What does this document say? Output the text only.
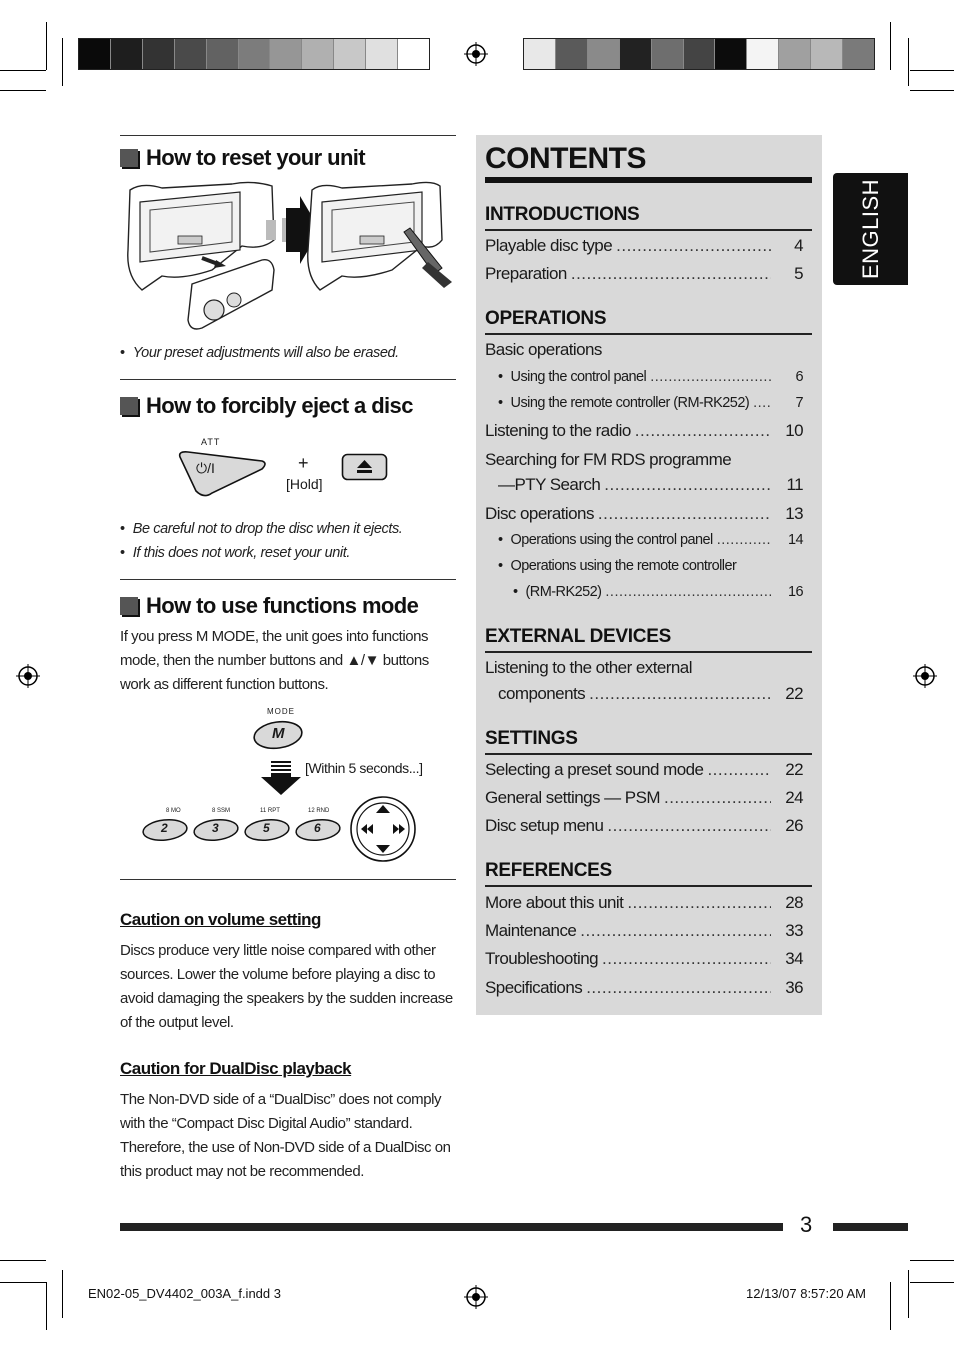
How to reset your unit
• Your preset adjustments will also be erased.
How to forcibly eject a disc
ATT
⏻/I	+
[Hold]
• Be careful not to drop the disc when it ejects.
• If this does not work, reset your unit.
How to use functions mode
If you press M MODE, the unit goes into functions mode, then the number buttons and ▲/▼ buttons work as different function buttons.
MODE
M
[Within 5 seconds...]
8 MO	8 SSM	11 RPT	12 RND
2	3	5	6
Caution on volume setting
Discs produce very little noise compared with other sources. Lower the volume before playing a disc to avoid damaging the speakers by the sudden increase of the output level.
Caution for DualDisc playback
The Non-DVD side of a “DualDisc” does not comply with the “Compact Disc Digital Audio” standard. Therefore, the use of Non-DVD side of a DualDisc on this product may not be recommended.
CONTENTS
INTRODUCTIONS
Playable disc type .....	4
Preparation .....	5
OPERATIONS
Basic operations
• Using the control panel .....	6
• Using the remote controller (RM-RK252) .....	7
Listening to the radio .....	10
Searching for FM RDS programme
—PTY Search .....	11
Disc operations .....	13
• Operations using the control panel .....	14
• Operations using the remote controller
• (RM-RK252) .....	16
EXTERNAL DEVICES
Listening to the other external
components .....	22
SETTINGS
Selecting a preset sound mode .....	22
General settings — PSM .....	24
Disc setup menu .....	26
REFERENCES
More about this unit .....	28
Maintenance .....	33
Troubleshooting .....	34
Specifications .....	36
ENGLISH
3
EN02-05_DV4402_003A_f.indd 3	12/13/07 8:57:20 AM
